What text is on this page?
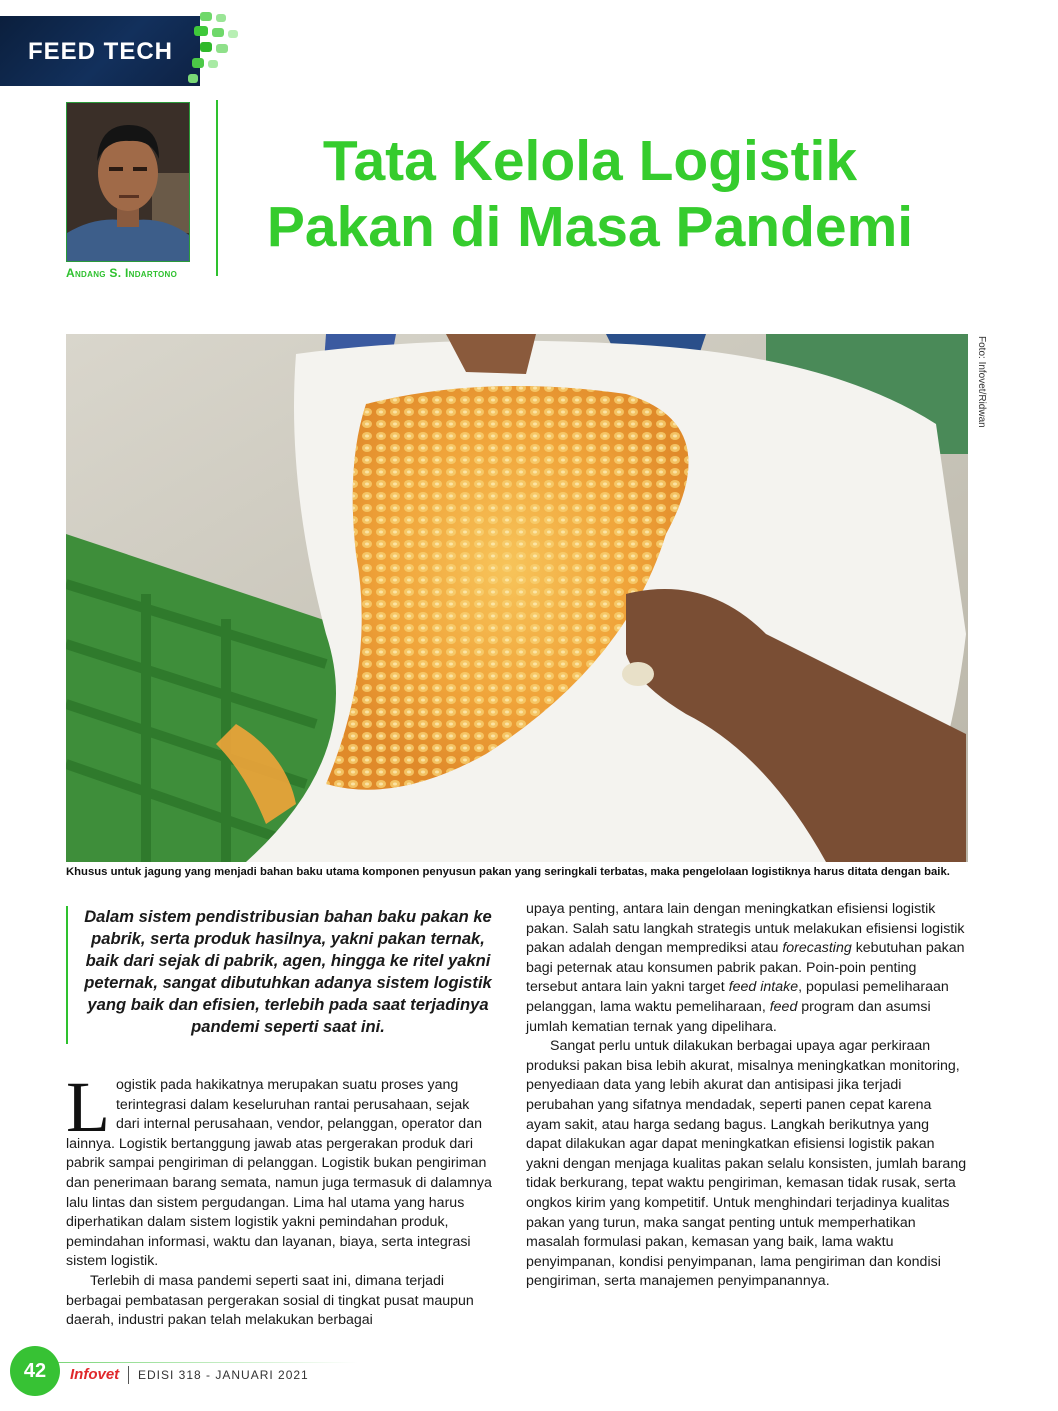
FEED TECH
Andang S. Indartono
Tata Kelola Logistik
Pakan di Masa Pandemi
Foto: Infovet/Ridwan
Khusus untuk jagung yang menjadi bahan baku utama komponen penyusun pakan yang seringkali terbatas, maka pengelolaan logistiknya harus ditata dengan baik.

Dalam sistem pendistribusian bahan baku pakan ke pabrik, serta produk hasilnya, yakni pakan ternak, baik dari sejak di pabrik, agen, hingga ke ritel yakni peternak, sangat dibutuhkan adanya sistem logistik yang baik dan efisien, terlebih pada saat terjadinya pandemi seperti saat ini.

Logistik pada hakikatnya merupakan suatu proses yang terintegrasi dalam keseluruhan rantai perusahaan, sejak dari internal perusahaan, vendor, pelanggan, operator dan lainnya. Logistik bertanggung jawab atas pergerakan produk dari pabrik sampai pengiriman di pelanggan. Logistik bukan pengiriman dan penerimaan barang semata, namun juga termasuk di dalamnya lalu lintas dan sistem pergudangan. Lima hal utama yang harus diperhatikan dalam sistem logistik yakni pemindahan produk, pemindahan informasi, waktu dan layanan, biaya, serta integrasi sistem logistik.

Terlebih di masa pandemi seperti saat ini, dimana terjadi berbagai pembatasan pergerakan sosial di tingkat pusat maupun daerah, industri pakan telah melakukan berbagai

upaya penting, antara lain dengan meningkatkan efisiensi logistik pakan. Salah satu langkah strategis untuk melakukan efisiensi logistik pakan adalah dengan memprediksi atau forecasting kebutuhan pakan bagi peternak atau konsumen pabrik pakan. Poin-poin penting tersebut antara lain yakni target feed intake, populasi pemeliharaan pelanggan, lama waktu pemeliharaan, feed program dan asumsi jumlah kematian ternak yang dipelihara.

Sangat perlu untuk dilakukan berbagai upaya agar perkiraan produksi pakan bisa lebih akurat, misalnya meningkatkan monitoring, penyediaan data yang lebih akurat dan antisipasi jika terjadi perubahan yang sifatnya mendadak, seperti panen cepat karena ayam sakit, atau harga sedang bagus. Langkah berikutnya yang dapat dilakukan agar dapat meningkatkan efisiensi logistik pakan yakni dengan menjaga kualitas pakan selalu konsisten, jumlah barang tidak berkurang, tepat waktu pengiriman, kemasan tidak rusak, serta ongkos kirim yang kompetitif. Untuk menghindari terjadinya kualitas pakan yang turun, maka sangat penting untuk memperhatikan masalah formulasi pakan, kemasan yang baik, lama waktu penyimpanan, kondisi penyimpanan, lama pengiriman dan kondisi pengiriman, serta manajemen penyimpanannya.

42	Infovet EDISI 318 - JANUARI 2021
